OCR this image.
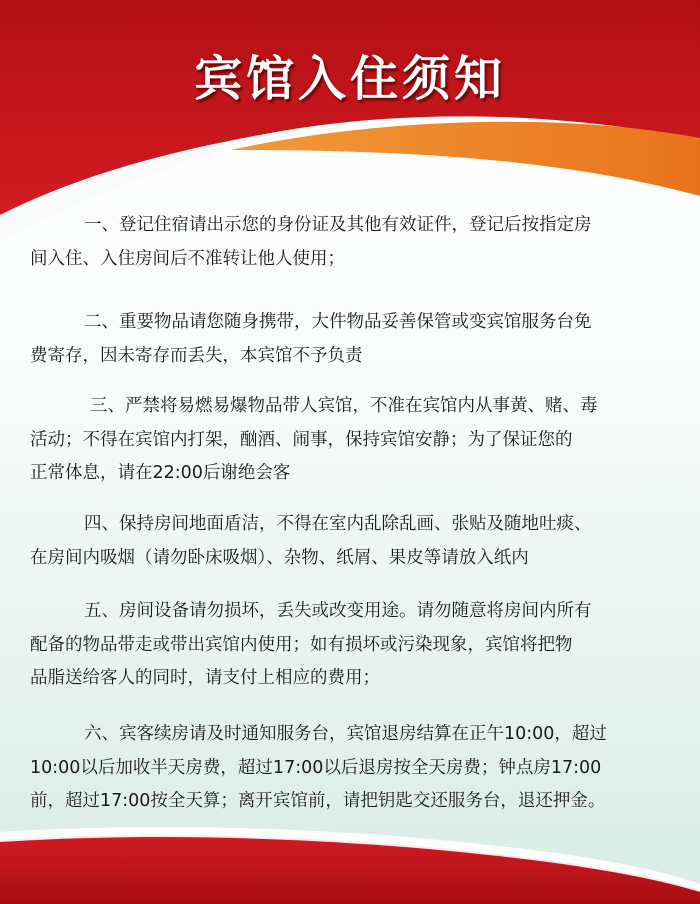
宾馆入住须知

一、登记住宿请出示您的身份证及其他有效证件，登记后按指定房
间入住、入住房间后不准转让他人使用；

二、重要物品请您随身携带，大件物品妥善保管或变宾馆服务台免
费寄存，因未寄存而丢失，本宾馆不予负责

三、严禁将易燃易爆物品带人宾馆，不准在宾馆内从事黄、赌、毒
活动；不得在宾馆内打架，酗酒、闹事，保持宾馆安静；为了保证您的
正常体息，请在22:00后谢绝会客

四、保持房间地面盾洁，不得在室内乱除乱画、张贴及随地吐痰、
在房间内吸烟（请勿卧床吸烟）、杂物、纸屑、果皮等请放入纸内

五、房间设备请勿损坏，丢失或改变用途。请勿随意将房间内所有
配备的物品带走或带出宾馆内使用；如有损坏或污染现象，宾馆将把物
品脂送给客人的同时，请支付上相应的费用；

六、宾客续房请及时通知服务台，宾馆退房结算在正午10:00，超过
10:00以后加收半天房费，超过17:00以后退房按全天房费；钟点房17:00
前，超过17:00按全天算；离开宾馆前，请把钥匙交还服务台，退还押金。
